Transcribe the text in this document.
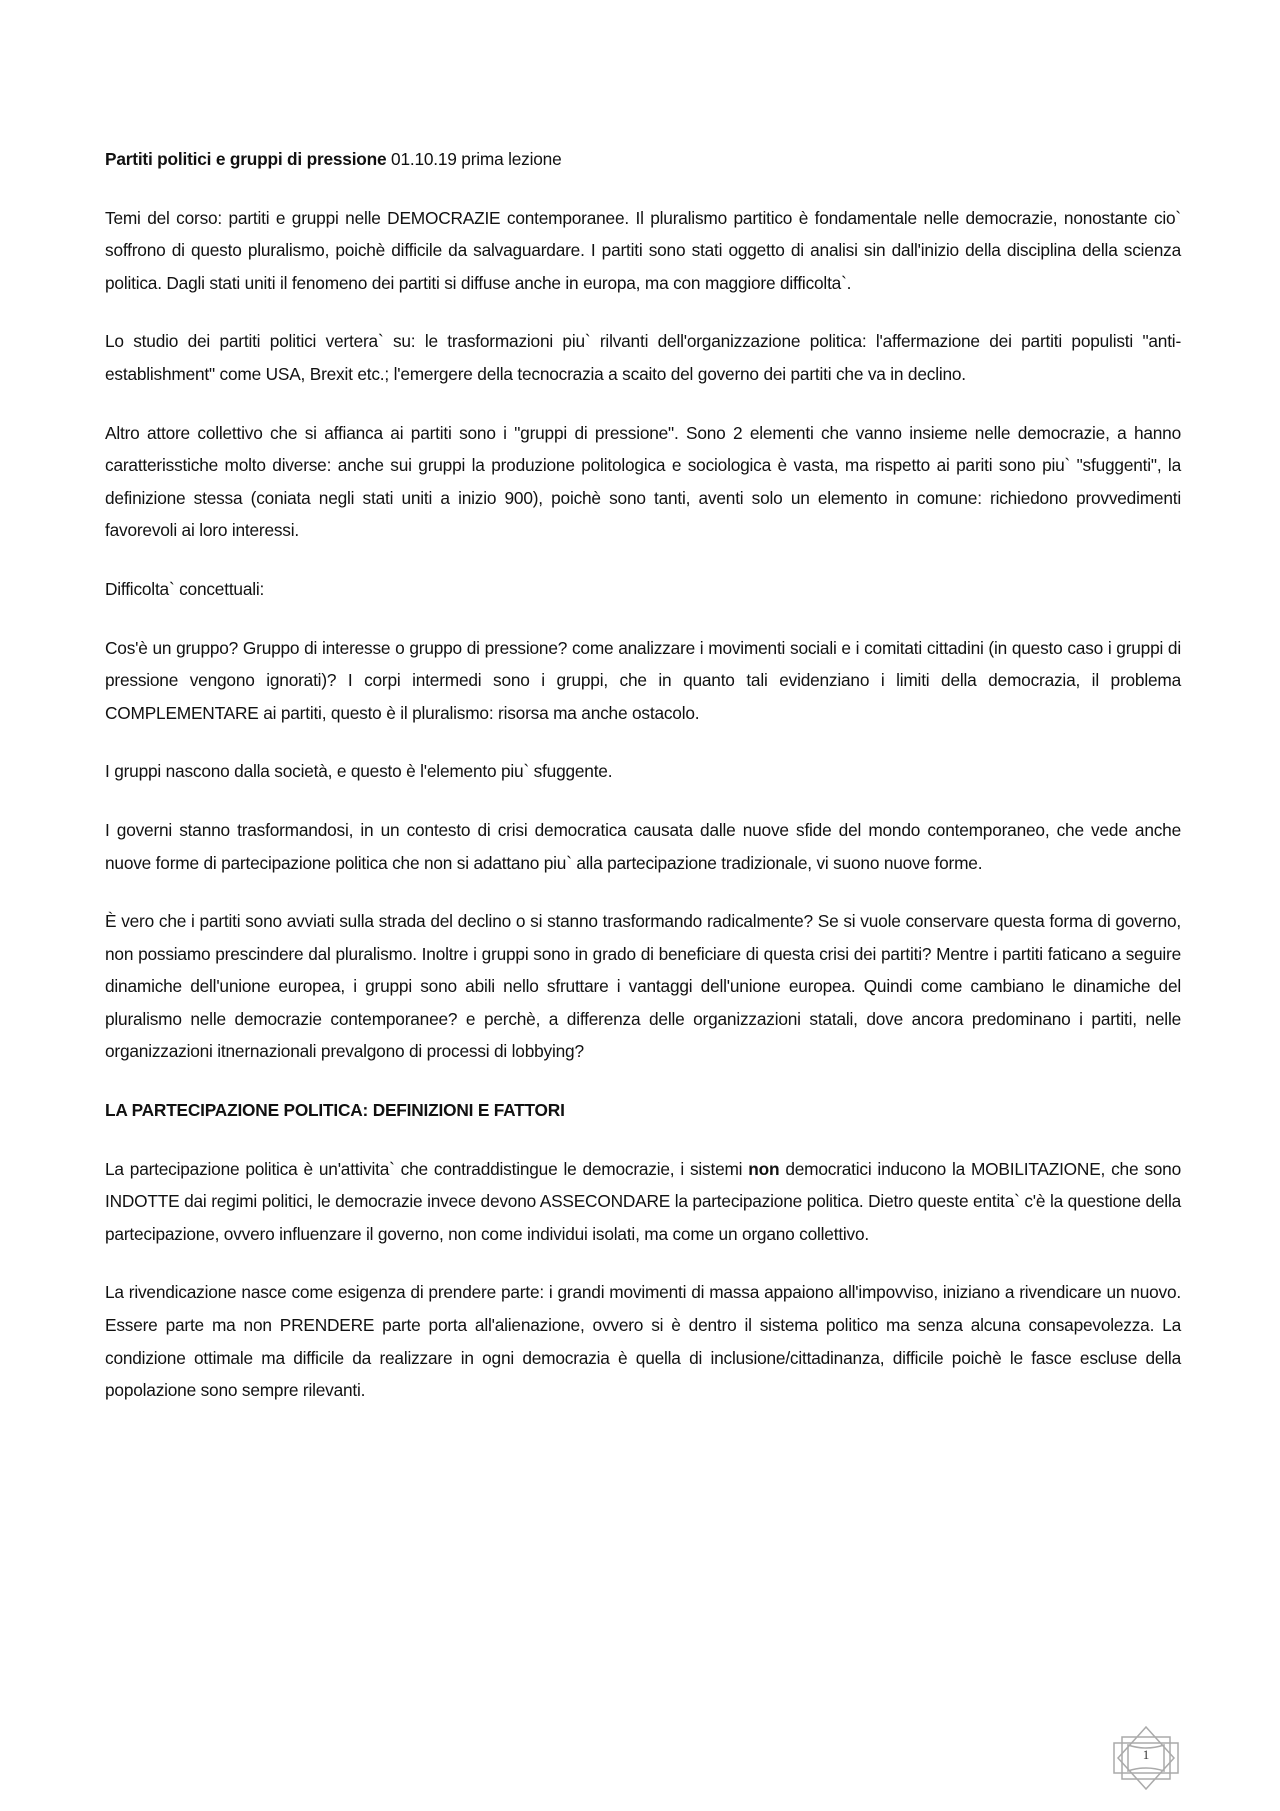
Partiti politici e gruppi di pressione 01.10.19 prima lezione

Temi del corso: partiti e gruppi nelle DEMOCRAZIE contemporanee. Il pluralismo partitico è fondamentale nelle democrazie, nonostante cio` soffrono di questo pluralismo, poichè difficile da salvaguardare. I partiti sono stati oggetto di analisi sin dall'inizio della disciplina della scienza politica. Dagli stati uniti il fenomeno dei partiti si diffuse anche in europa, ma con maggiore difficolta`.

Lo studio dei partiti politici vertera` su: le trasformazioni piu` rilvanti dell'organizzazione politica: l'affermazione dei partiti populisti "anti-establishment" come USA, Brexit etc.; l'emergere della tecnocrazia a scaito del governo dei partiti che va in declino.

Altro attore collettivo che si affianca ai partiti sono i "gruppi di pressione". Sono 2 elementi che vanno insieme nelle democrazie, a hanno caratterisstiche molto diverse: anche sui gruppi la produzione politologica e sociologica è vasta, ma rispetto ai pariti sono piu` "sfuggenti", la definizione stessa (coniata negli stati uniti a inizio 900), poichè sono tanti, aventi solo un elemento in comune: richiedono provvedimenti favorevoli ai loro interessi.

Difficolta` concettuali:

Cos'è un gruppo? Gruppo di interesse o gruppo di pressione? come analizzare i movimenti sociali e i comitati cittadini (in questo caso i gruppi di pressione vengono ignorati)? I corpi intermedi sono i gruppi, che in quanto tali evidenziano i limiti della democrazia, il problema COMPLEMENTARE ai partiti, questo è il pluralismo: risorsa ma anche ostacolo.

I gruppi nascono dalla società, e questo è l'elemento piu` sfuggente.

I governi stanno trasformandosi, in un contesto di crisi democratica causata dalle nuove sfide del mondo contemporaneo, che vede anche nuove forme di partecipazione politica che non si adattano piu` alla partecipazione tradizionale, vi suono nuove forme.

È vero che i partiti sono avviati sulla strada del declino o si stanno trasformando radicalmente? Se si vuole conservare questa forma di governo, non possiamo prescindere dal pluralismo. Inoltre i gruppi sono in grado di beneficiare di questa crisi dei partiti? Mentre i partiti faticano a seguire dinamiche dell'unione europea, i gruppi sono abili nello sfruttare i vantaggi dell'unione europea. Quindi come cambiano le dinamiche del pluralismo nelle democrazie contemporanee? e perchè, a differenza delle organizzazioni statali, dove ancora predominano i partiti, nelle organizzazioni itnernazionali prevalgono di processi di lobbying?

LA PARTECIPAZIONE POLITICA: DEFINIZIONI E FATTORI

La partecipazione politica è un'attivita` che contraddistingue le democrazie, i sistemi non democratici inducono la MOBILITAZIONE, che sono INDOTTE dai regimi politici, le democrazie invece devono ASSECONDARE la partecipazione politica. Dietro queste entita` c'è la questione della partecipazione, ovvero influenzare il governo, non come individui isolati, ma come un organo collettivo.

La rivendicazione nasce come esigenza di prendere parte: i grandi movimenti di massa appaiono all'impovviso, iniziano a rivendicare un nuovo. Essere parte ma non PRENDERE parte porta all'alienazione, ovvero si è dentro il sistema politico ma senza alcuna consapevolezza. La condizione ottimale ma difficile da realizzare in ogni democrazia è quella di inclusione/cittadinanza, difficile poichè le fasce escluse della popolazione sono sempre rilevanti.

1
